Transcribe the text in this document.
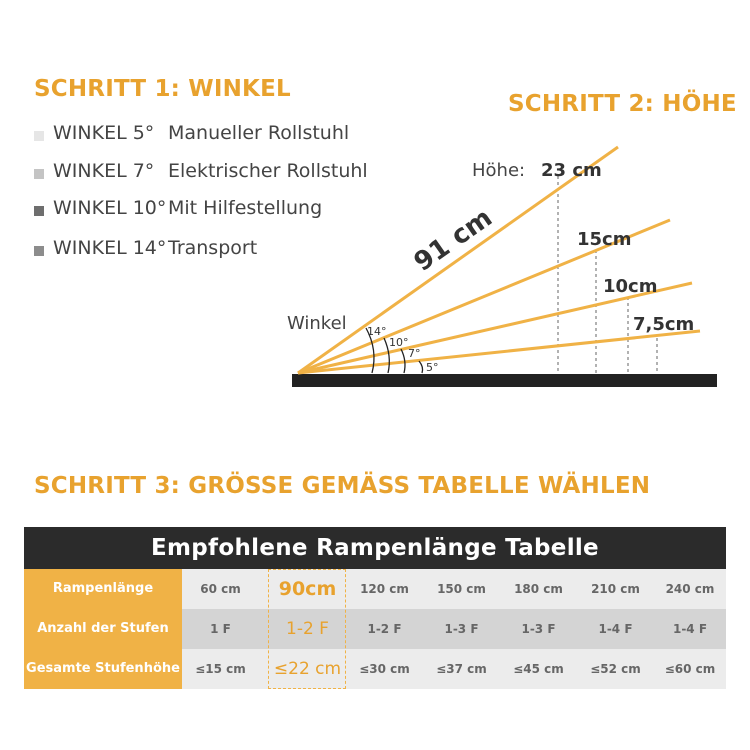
SCHRITT 1: WINKEL
SCHRITT 2: HÖHE
WINKEL 5° Manueller Rollstuhl
WINKEL 7° Elektrischer Rollstuhl
WINKEL 10° Mit Hilfestellung
WINKEL 14° Transport
Winkel 14°
10°
7°
5°
Höhe: 23 cm
15cm
10cm
7,5cm
91 cm
SCHRITT 3: GRÖSSE GEMÄSS TABELLE WÄHLEN
Empfohlene Rampenlänge Tabelle
Rampenlänge	60 cm	90cm	120 cm	150 cm	180 cm	210 cm	240 cm
Anzahl der Stufen	1 F	1-2 F	1-2 F	1-3 F	1-3 F	1-4 F	1-4 F
Gesamte Stufenhöhe	≤15 cm	≤22 cm	≤30 cm	≤37 cm	≤45 cm	≤52 cm	≤60 cm
